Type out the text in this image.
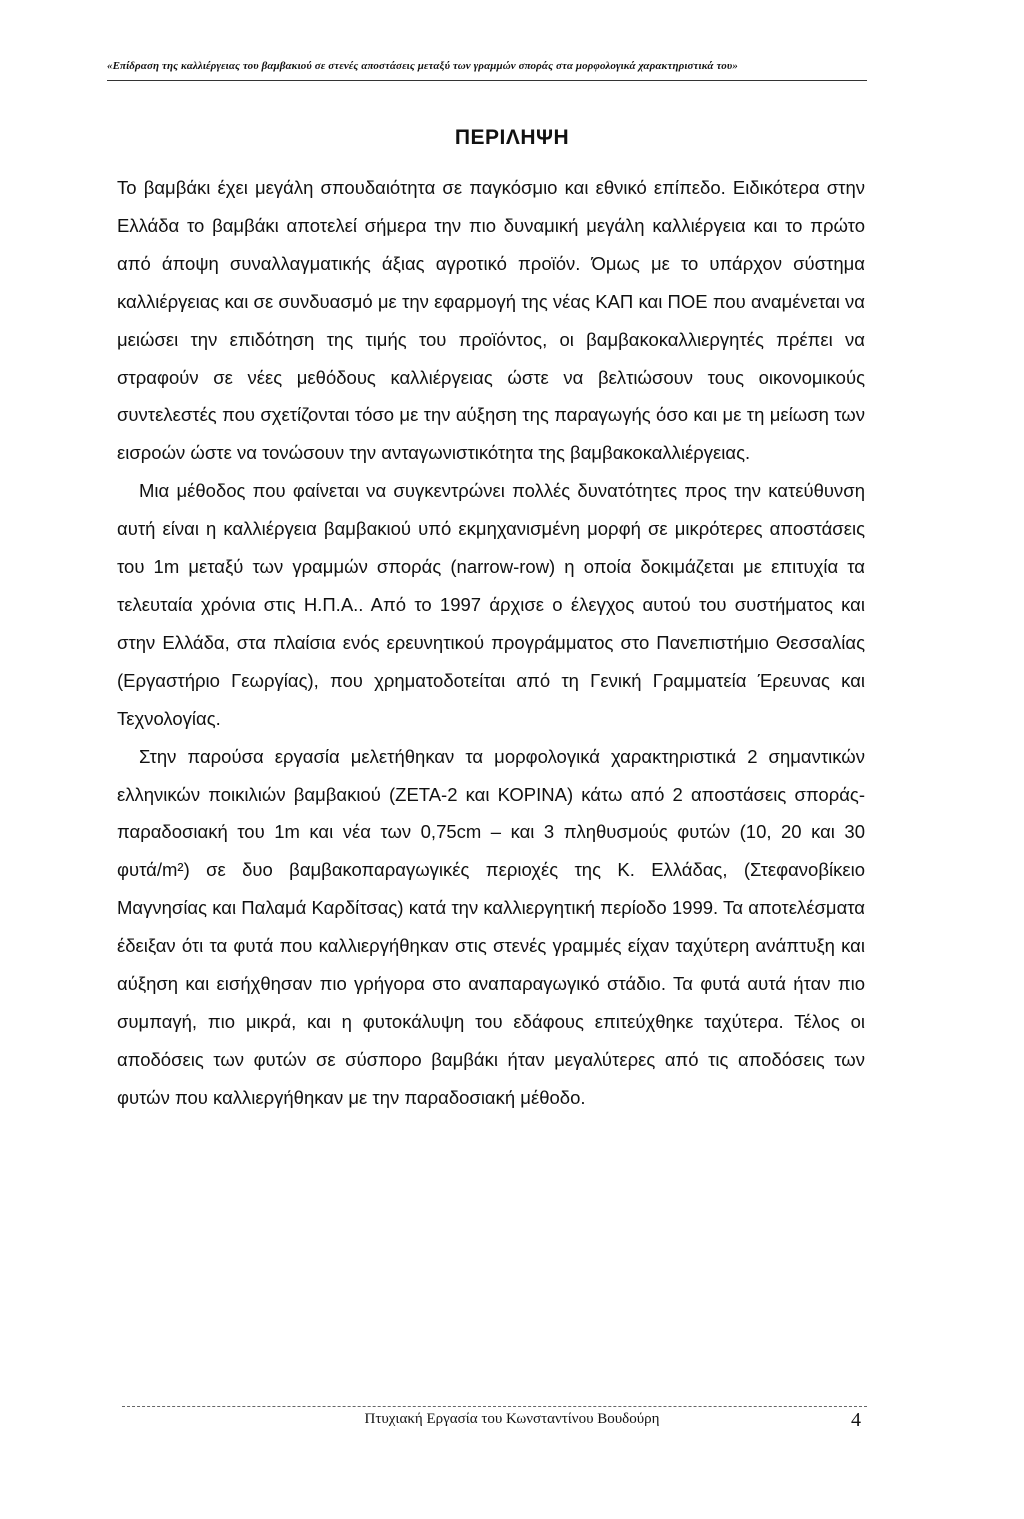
«Επίδραση της καλλιέργειας του βαμβακιού σε στενές αποστάσεις μεταξύ των γραμμών σποράς στα μορφολογικά χαρακτηριστικά του»
ΠΕΡΙΛΗΨΗ

Το βαμβάκι έχει μεγάλη σπουδαιότητα σε παγκόσμιο και εθνικό επίπεδο. Ειδικότερα στην Ελλάδα το βαμβάκι αποτελεί σήμερα την πιο δυναμική μεγάλη καλλιέργεια και το πρώτο από άποψη συναλλαγματικής άξιας αγροτικό προϊόν. Όμως με το υπάρχον σύστημα καλλιέργειας και σε συνδυασμό με την εφαρμογή της νέας ΚΑΠ και ΠΟΕ που αναμένεται να μειώσει την επιδότηση της τιμής του προϊόντος, οι βαμβακοκαλλιεργητές πρέπει να στραφούν σε νέες μεθόδους καλλιέργειας ώστε να βελτιώσουν τους οικονομικούς συντελεστές που σχετίζονται τόσο με την αύξηση της παραγωγής όσο και με τη μείωση των εισροών ώστε να τονώσουν την ανταγωνιστικότητα της βαμβακοκαλλιέργειας.

Μια μέθοδος που φαίνεται να συγκεντρώνει πολλές δυνατότητες προς την κατεύθυνση αυτή είναι η καλλιέργεια βαμβακιού υπό εκμηχανισμένη μορφή σε μικρότερες αποστάσεις του 1m μεταξύ των γραμμών σποράς (narrow-row) η οποία δοκιμάζεται με επιτυχία τα τελευταία χρόνια στις Η.Π.Α.. Από το 1997 άρχισε ο έλεγχος αυτού του συστήματος και στην Ελλάδα, στα πλαίσια ενός ερευνητικού προγράμματος στο Πανεπιστήμιο Θεσσαλίας (Εργαστήριο Γεωργίας), που χρηματοδοτείται από τη Γενική Γραμματεία Έρευνας και Τεχνολογίας.

Στην παρούσα εργασία μελετήθηκαν τα μορφολογικά χαρακτηριστικά 2 σημαντικών ελληνικών ποικιλιών βαμβακιού (ΖΕΤΑ-2 και ΚΟΡΙΝΑ) κάτω από 2 αποστάσεις σποράς- παραδοσιακή του 1m και νέα των 0,75cm – και 3 πληθυσμούς φυτών (10, 20 και 30 φυτά/m²) σε δυο βαμβακοπαραγωγικές περιοχές της Κ. Ελλάδας, (Στεφανοβίκειο Μαγνησίας και Παλαμά Καρδίτσας) κατά την καλλιεργητική περίοδο 1999. Τα αποτελέσματα έδειξαν ότι τα φυτά που καλλιεργήθηκαν στις στενές γραμμές είχαν ταχύτερη ανάπτυξη και αύξηση και εισήχθησαν πιο γρήγορα στο αναπαραγωγικό στάδιο. Τα φυτά αυτά ήταν πιο συμπαγή, πιο μικρά, και η φυτοκάλυψη του εδάφους επιτεύχθηκε ταχύτερα. Τέλος οι αποδόσεις των φυτών σε σύσπορο βαμβάκι ήταν μεγαλύτερες από τις αποδόσεις των φυτών που καλλιεργήθηκαν με την παραδοσιακή μέθοδο.

Πτυχιακή Εργασία του Κωνσταντίνου Βουδούρη	4
